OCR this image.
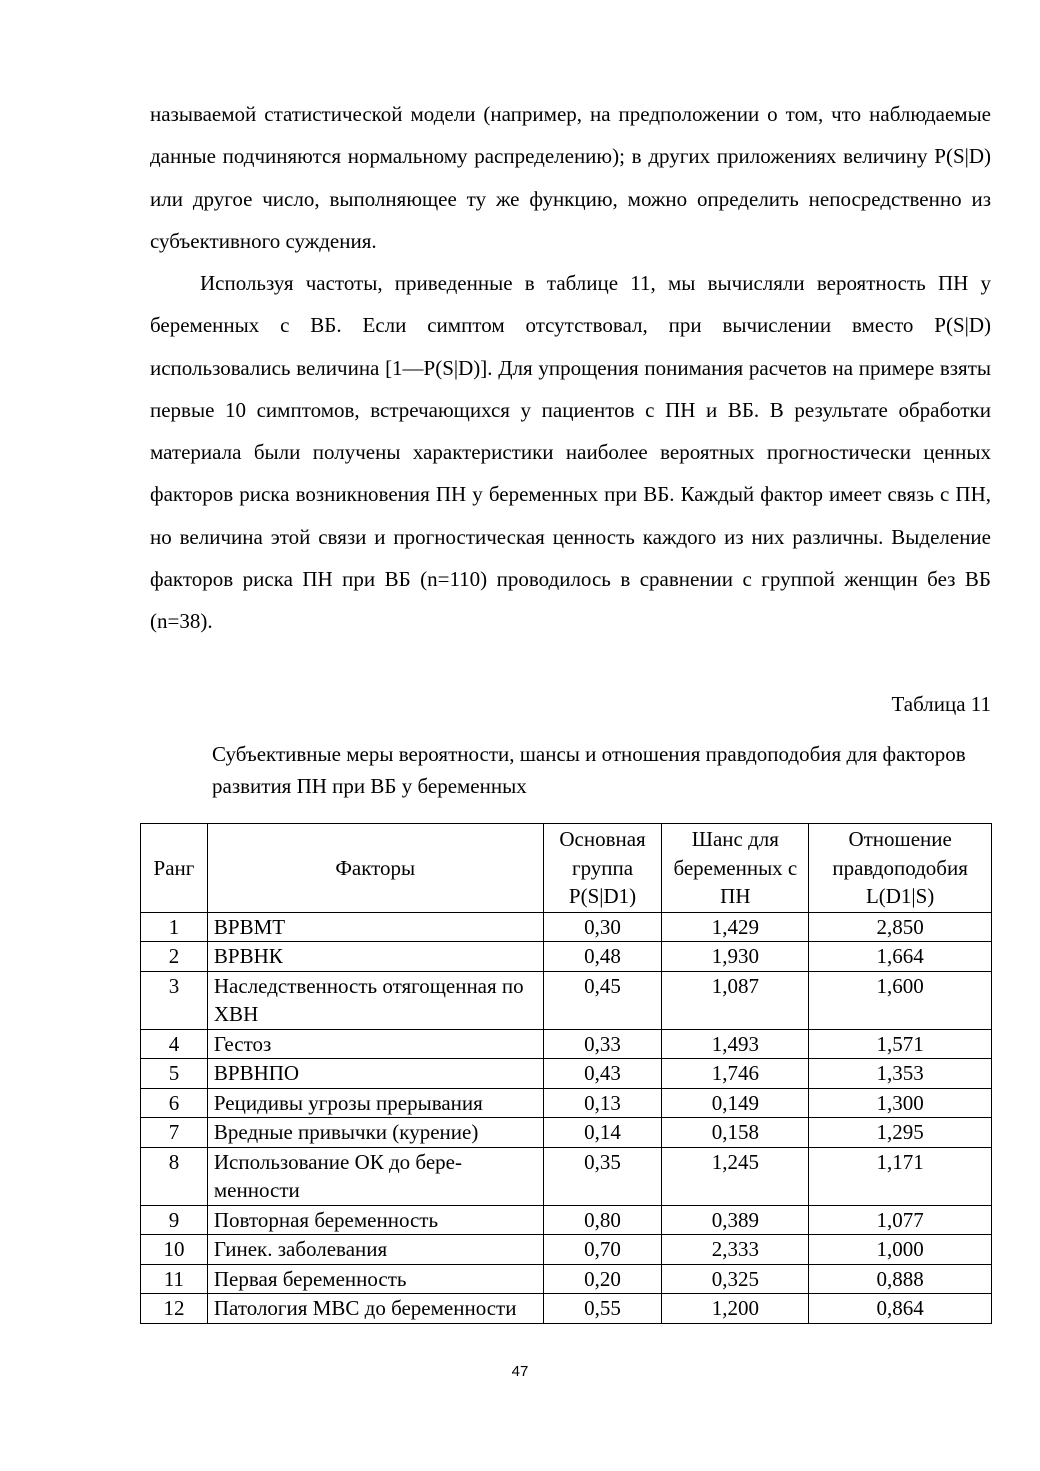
называемой статистической модели (например, на предположении о том, что наблюдаемые данные подчиняются нормальному распределению); в других приложениях величину P(S|D) или другое число, выполняющее ту же функцию, можно определить непосредственно из субъективного суждения.

Используя частоты, приведенные в таблице 11, мы вычисляли вероятность ПН у беременных с ВБ. Если симптом отсутствовал, при вычислении вместо P(S|D) использовались величина [1—P(S|D)]. Для упрощения понимания расчетов на примере взяты первые 10 симптомов, встречающихся у пациентов с ПН и ВБ. В результате обработки материала были получены характеристики наиболее вероятных прогностически ценных факторов риска возникновения ПН у беременных при ВБ. Каждый фактор имеет связь с ПН, но величина этой связи и прогностическая ценность каждого из них различны. Выделение факторов риска ПН при ВБ (n=110) проводилось в сравнении с группой женщин без ВБ (n=38).

Таблица 11

Субъективные меры вероятности, шансы и отношения правдоподобия для факторов развития ПН при ВБ у беременных

Ранг	Факторы	Основная группа P(S|D1)	Шанс для беременных с ПН	Отношение правдоподобия L(D1|S)
1	ВРВМТ	0,30	1,429	2,850
2	ВРВНК	0,48	1,930	1,664
3	Наследственность отягощенная по ХВН	0,45	1,087	1,600
4	Гестоз	0,33	1,493	1,571
5	ВРВНПО	0,43	1,746	1,353
6	Рецидивы угрозы прерывания	0,13	0,149	1,300
7	Вредные привычки (курение)	0,14	0,158	1,295
8	Использование ОК до беременности	0,35	1,245	1,171
9	Повторная беременность	0,80	0,389	1,077
10	Гинек. заболевания	0,70	2,333	1,000
11	Первая беременность	0,20	0,325	0,888
12	Патология МВС до беременности	0,55	1,200	0,864

47
